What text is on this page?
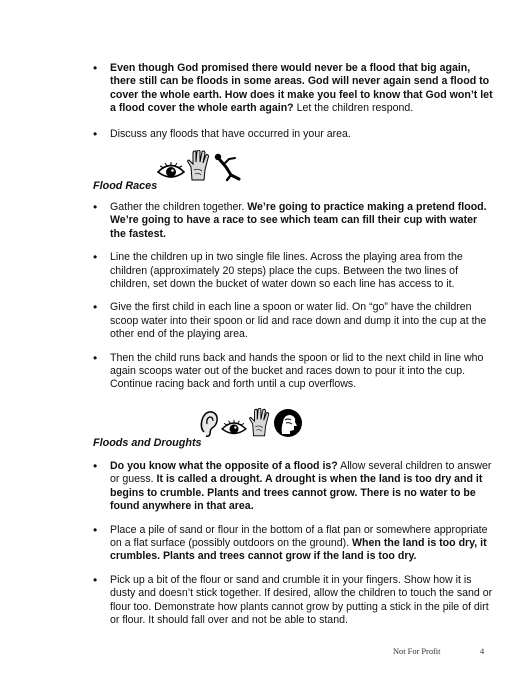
• Even though God promised there would never be a flood that big again, there still can be floods in some areas. God will never again send a flood to cover the whole earth. How does it make you feel to know that God won’t let a flood cover the whole earth again? Let the children respond.
• Discuss any floods that have occurred in your area.
Flood Races
• Gather the children together. We’re going to practice making a pretend flood. We’re going to have a race to see which team can fill their cup with water the fastest.
• Line the children up in two single file lines. Across the playing area from the children (approximately 20 steps) place the cups. Between the two lines of children, set down the bucket of water down so each line has access to it.
• Give the first child in each line a spoon or water lid. On “go” have the children scoop water into their spoon or lid and race down and dump it into the cup at the other end of the playing area.
• Then the child runs back and hands the spoon or lid to the next child in line who again scoops water out of the bucket and races down to pour it into the cup. Continue racing back and forth until a cup overflows.
Floods and Droughts
• Do you know what the opposite of a flood is? Allow several children to answer or guess. It is called a drought. A drought is when the land is too dry and it begins to crumble. Plants and trees cannot grow. There is no water to be found anywhere in that area.
• Place a pile of sand or flour in the bottom of a flat pan or somewhere appropriate on a flat surface (possibly outdoors on the ground). When the land is too dry, it crumbles. Plants and trees cannot grow if the land is too dry.
• Pick up a bit of the flour or sand and crumble it in your fingers. Show how it is dusty and doesn’t stick together. If desired, allow the children to touch the sand or flour too. Demonstrate how plants cannot grow by putting a stick in the pile of dirt or flour. It should fall over and not be able to stand.
Not For Profit	4
